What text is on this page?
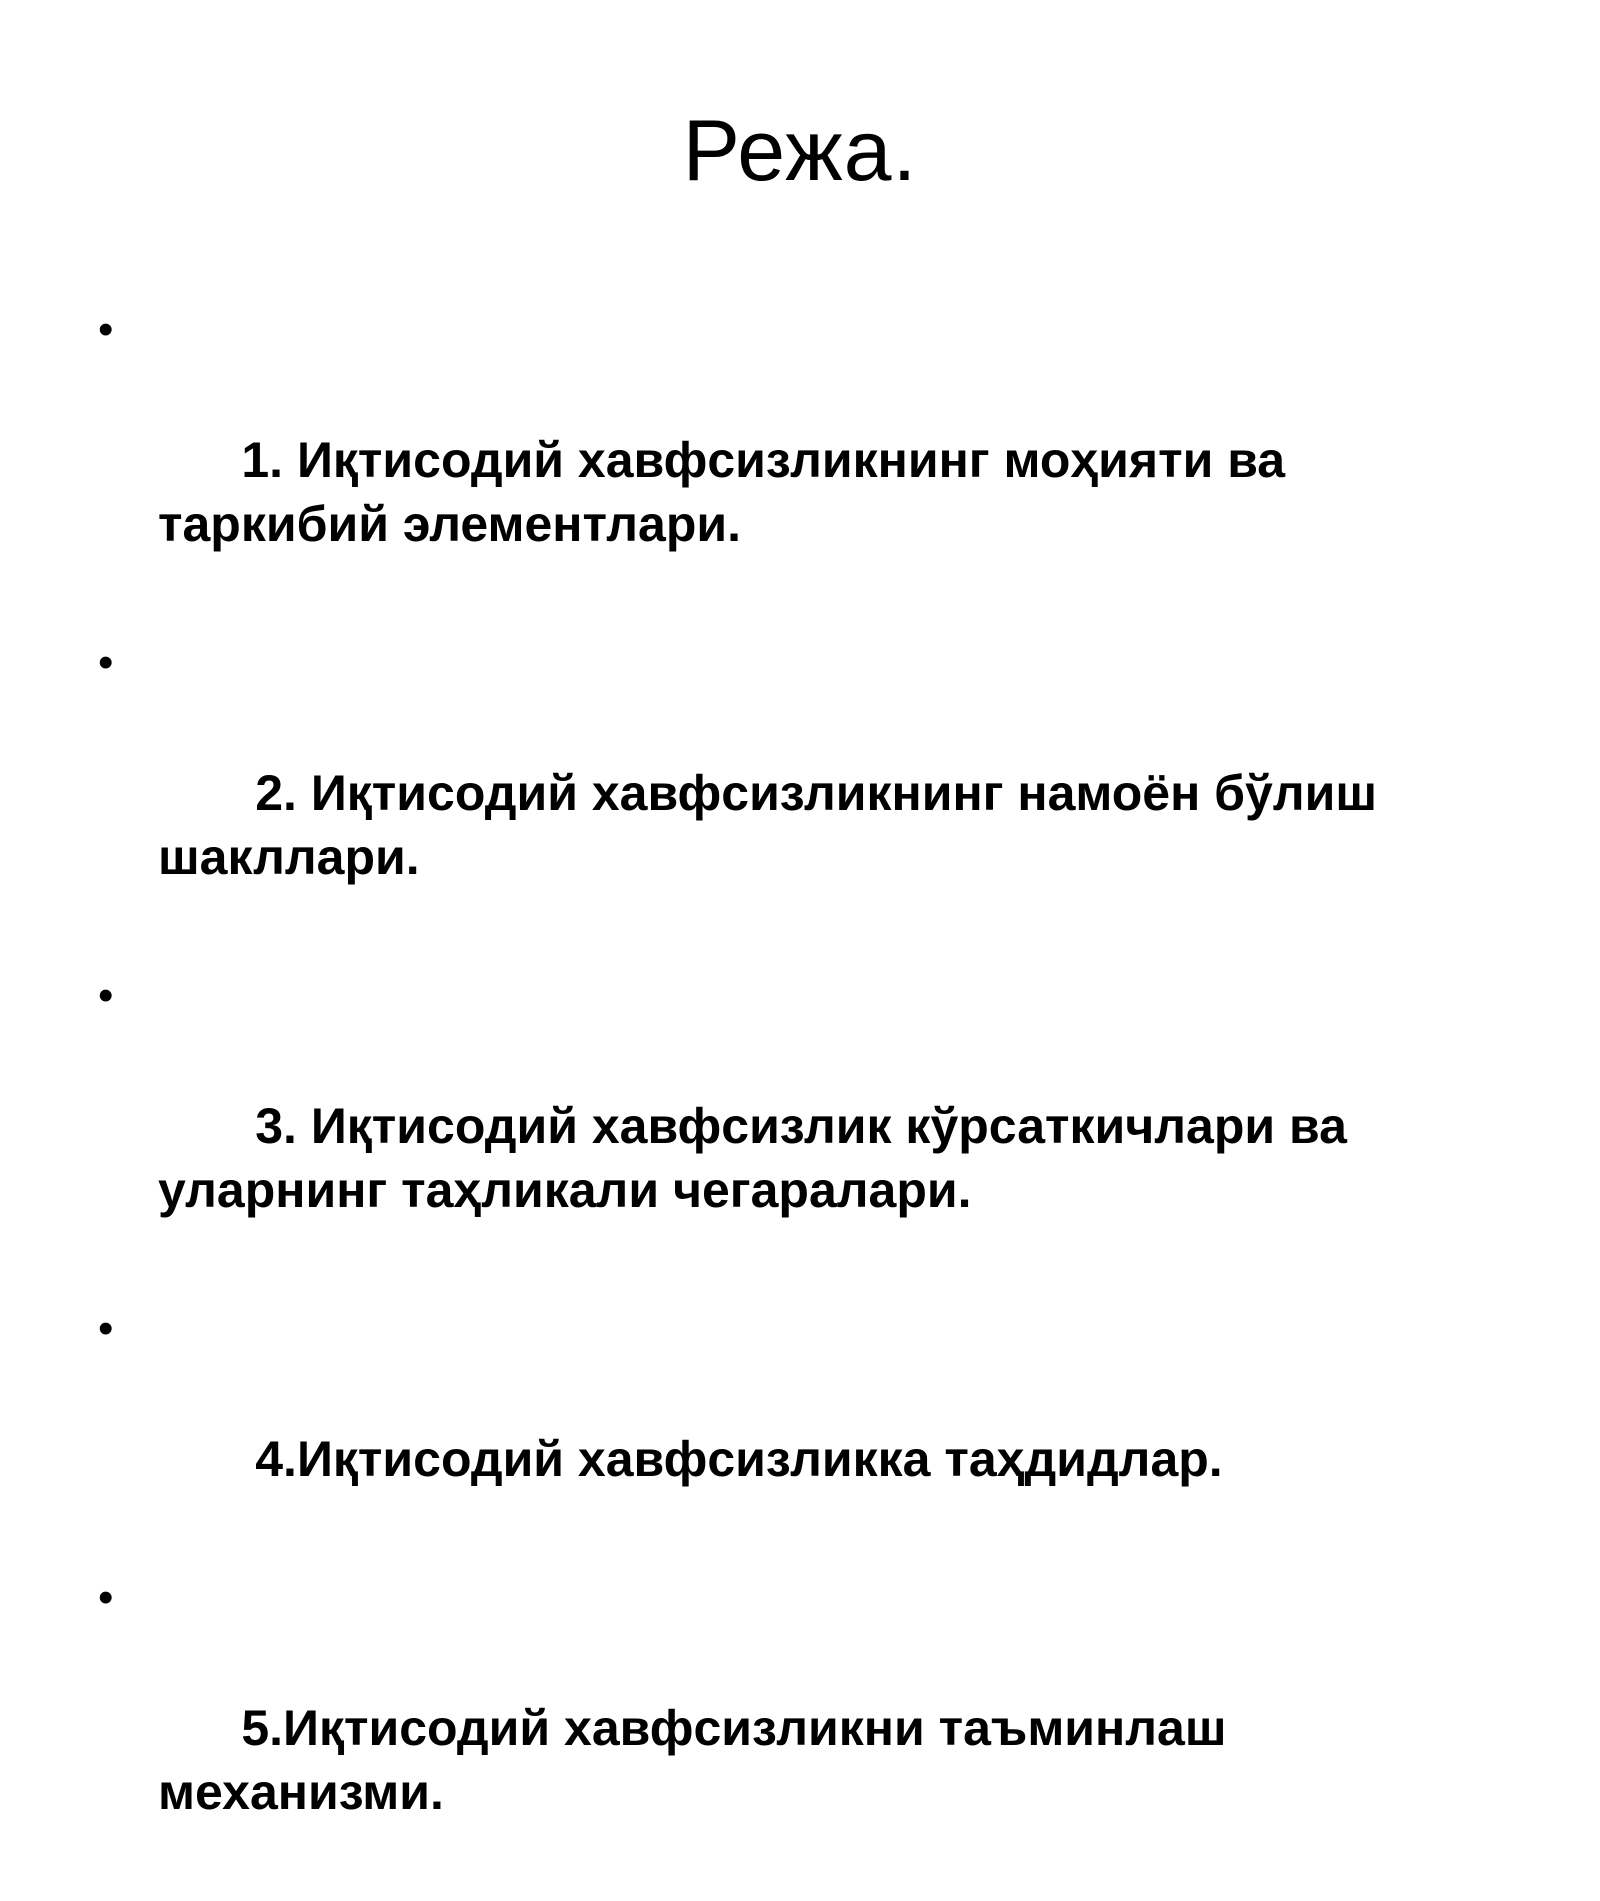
Режа.

•

1. Иқтисодий хавфсизликнинг моҳияти ва таркибий элементлари.

•

2. Иқтисодий хавфсизликнинг намоён бўлиш шакллари.

•

3. Иқтисодий хавфсизлик кўрсаткичлари ва уларнинг таҳликали чегаралари.

•

4.Иқтисодий хавфсизликка таҳдидлар.

•

5.Иқтисодий хавфсизликни таъминлаш механизми.
